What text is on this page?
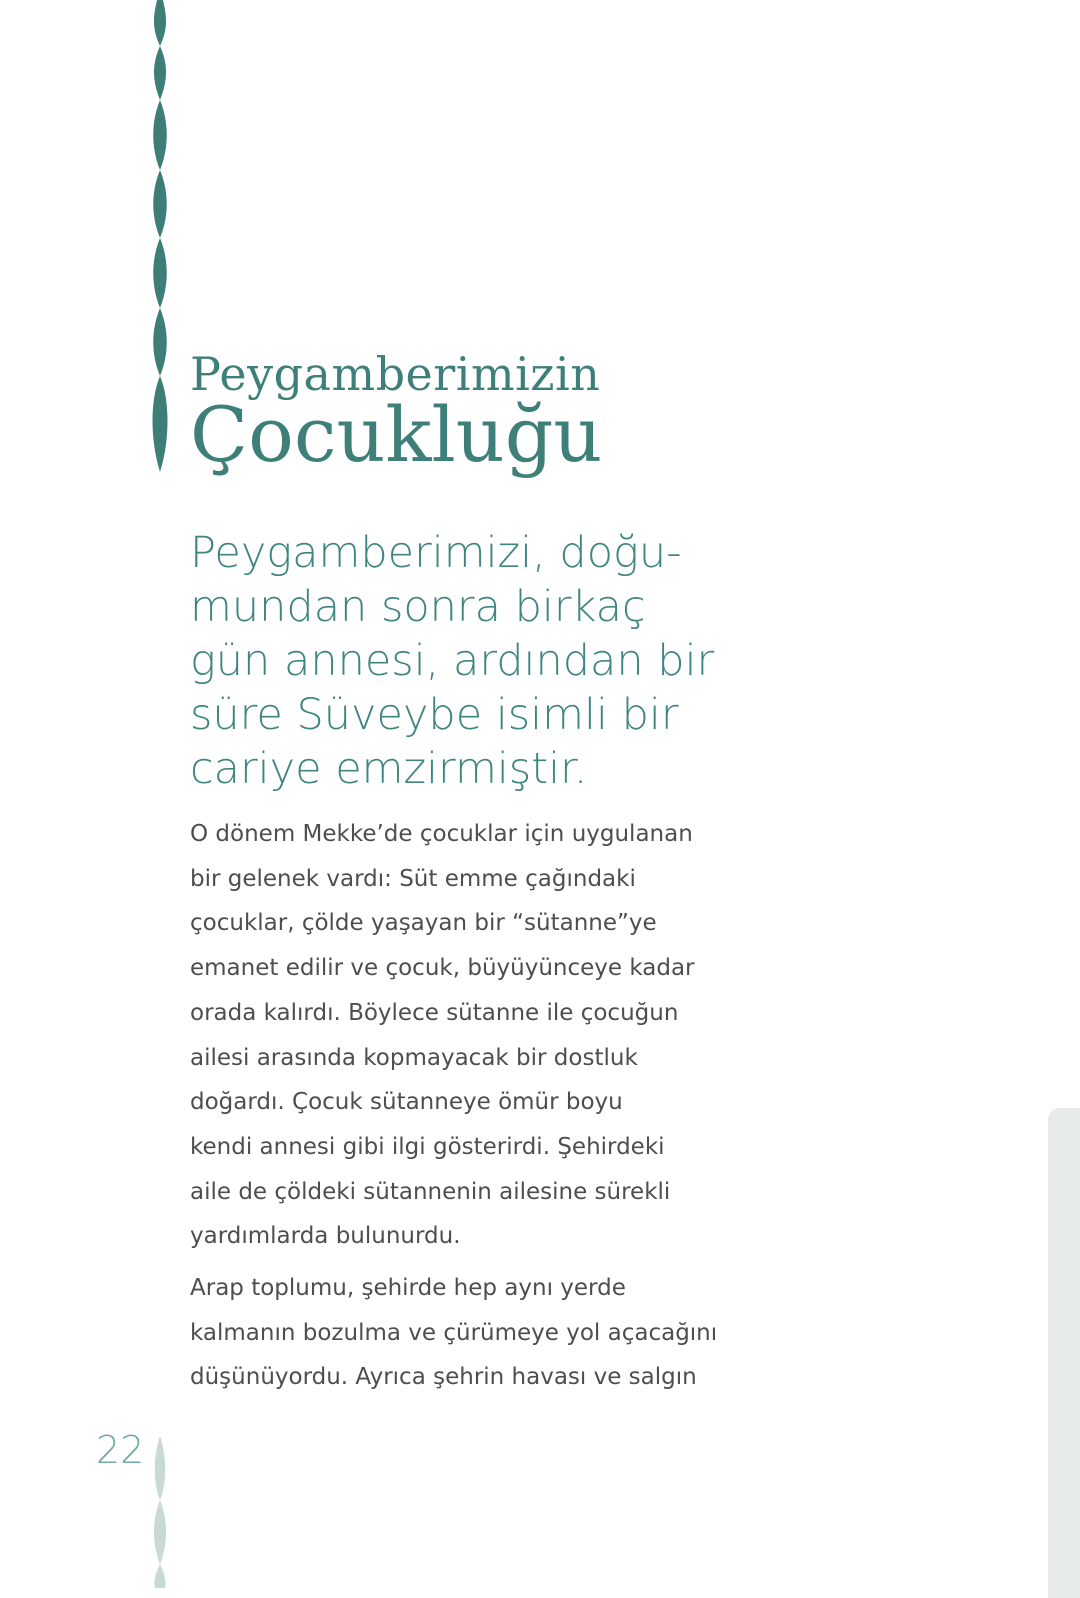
Peygamberimizin
Çocukluğu
Peygamberimizi, doğu-
mundan sonra birkaç
gün annesi, ardından bir
süre Süveybe isimli bir
cariye emzirmiştir.
O dönem Mekke’de çocuklar için uygulanan
bir gelenek vardı: Süt emme çağındaki
çocuklar, çölde yaşayan bir “sütanne”ye
emanet edilir ve çocuk, büyüyünceye kadar
orada kalırdı. Böylece sütanne ile çocuğun
ailesi arasında kopmayacak bir dostluk
doğardı. Çocuk sütanneye ömür boyu
kendi annesi gibi ilgi gösterirdi. Şehirdeki
aile de çöldeki sütannenin ailesine sürekli
yardımlarda bulunurdu.
Arap toplumu, şehirde hep aynı yerde
kalmanın bozulma ve çürümeye yol açacağını
düşünüyordu. Ayrıca şehrin havası ve salgın
22
